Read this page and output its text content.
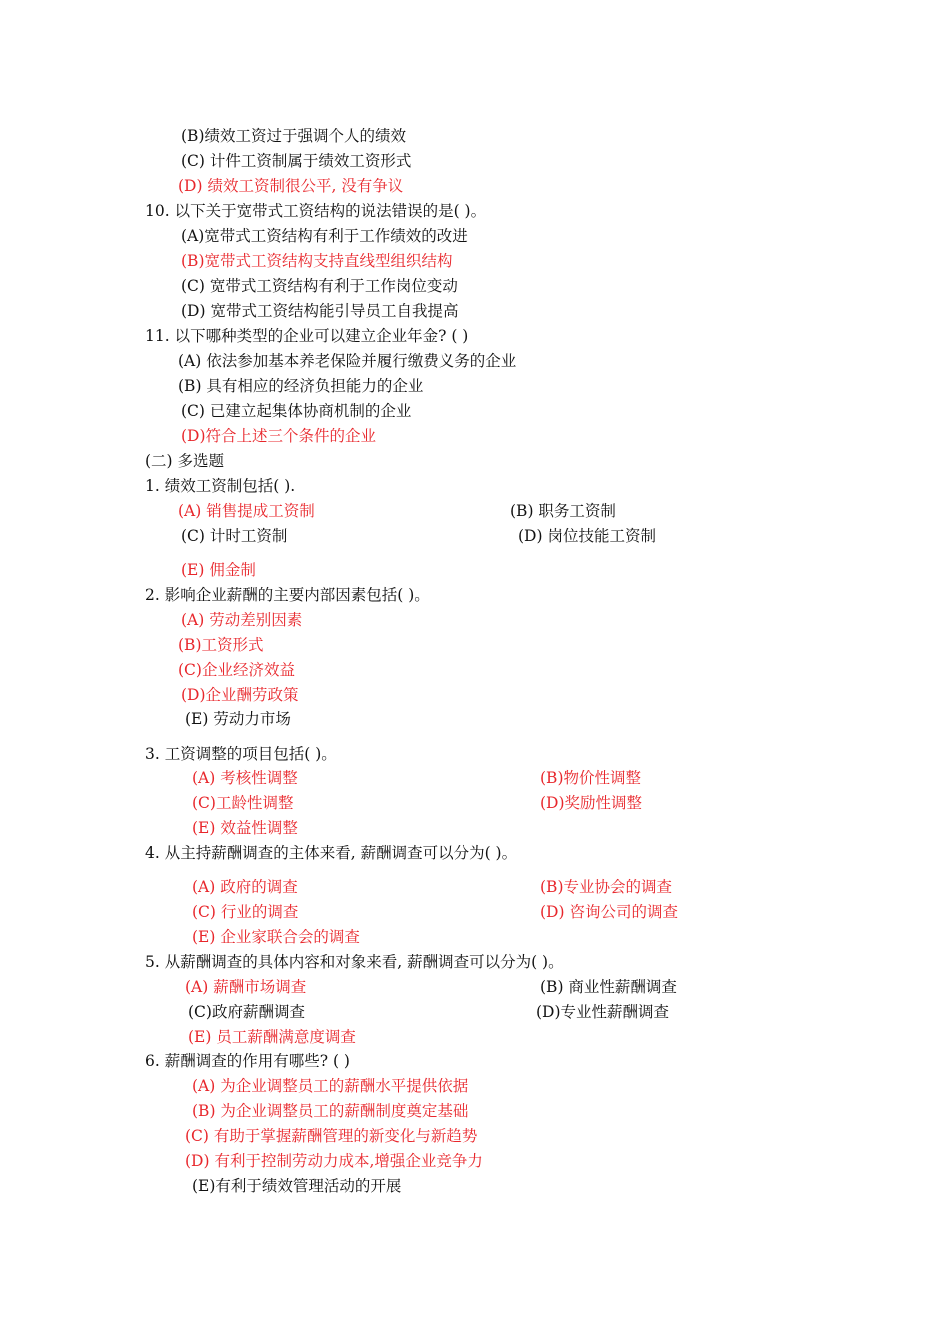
(B)绩效工资过于强调个人的绩效
(C) 计件工资制属于绩效工资形式
(D) 绩效工资制很公平, 没有争议
10. 以下关于宽带式工资结构的说法错误的是( )。
(A)宽带式工资结构有利于工作绩效的改进
(B)宽带式工资结构支持直线型组织结构
(C) 宽带式工资结构有利于工作岗位变动
(D) 宽带式工资结构能引导员工自我提高
11. 以下哪种类型的企业可以建立企业年金? ( )
(A) 依法参加基本养老保险并履行缴费义务的企业
(B) 具有相应的经济负担能力的企业
(C) 已建立起集体协商机制的企业
(D)符合上述三个条件的企业
(二) 多选题
1. 绩效工资制包括( ).
(A) 销售提成工资制	(B) 职务工资制
(C) 计时工资制	(D) 岗位技能工资制
(E) 佣金制
2. 影响企业薪酬的主要内部因素包括( )。
(A) 劳动差别因素
(B)工资形式
(C)企业经济效益
(D)企业酬劳政策
(E) 劳动力市场
3. 工资调整的项目包括( )。
(A) 考核性调整	(B)物价性调整
(C)工龄性调整	(D)奖励性调整
(E) 效益性调整
4. 从主持薪酬调查的主体来看, 薪酬调查可以分为( )。
(A) 政府的调查	(B)专业协会的调查
(C) 行业的调查	(D) 咨询公司的调查
(E) 企业家联合会的调查
5. 从薪酬调查的具体内容和对象来看, 薪酬调查可以分为( )。
(A) 薪酬市场调查	(B) 商业性薪酬调查
(C)政府薪酬调查	(D)专业性薪酬调查
(E) 员工薪酬满意度调查
6. 薪酬调查的作用有哪些? ( )
(A) 为企业调整员工的薪酬水平提供依据
(B) 为企业调整员工的薪酬制度奠定基础
(C) 有助于掌握薪酬管理的新变化与新趋势
(D) 有利于控制劳动力成本,增强企业竞争力
(E)有利于绩效管理活动的开展
